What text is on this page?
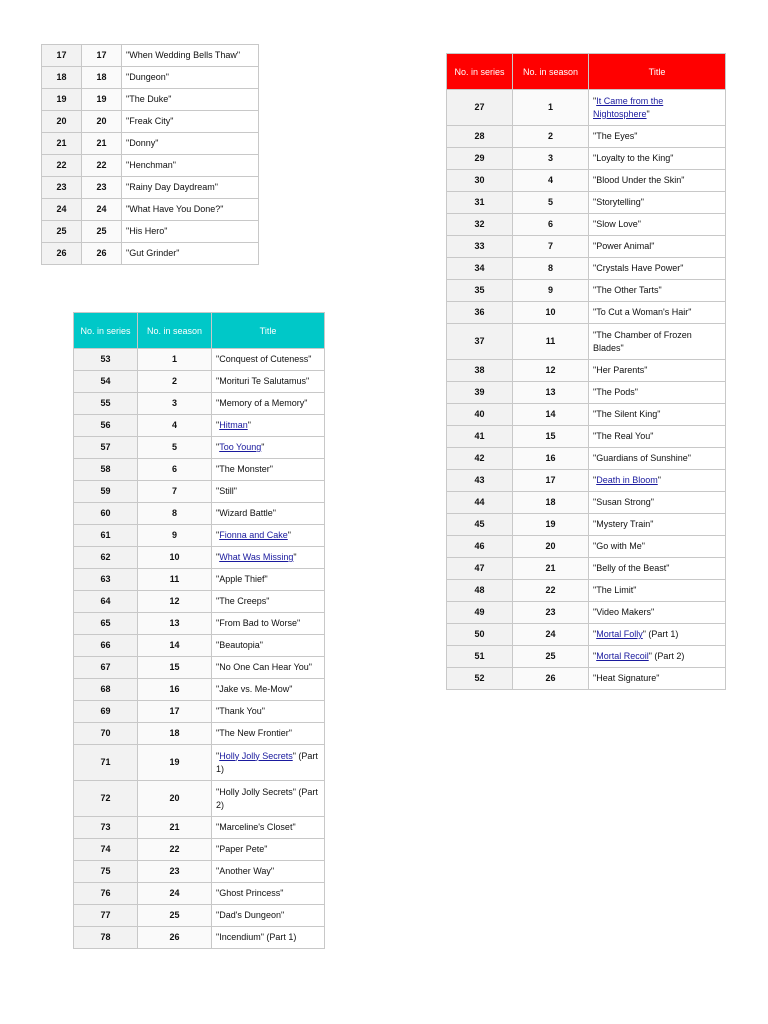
17	17	"When Wedding Bells Thaw"
18	18	"Dungeon"
19	19	"The Duke"
20	20	"Freak City"
21	21	"Donny"
22	22	"Henchman"
23	23	"Rainy Day Daydream"
24	24	"What Have You Done?"
25	25	"His Hero"
26	26	"Gut Grinder"
No. in series	No. in season	Title
53	1	"Conquest of Cuteness"
54	2	"Morituri Te Salutamus"
55	3	"Memory of a Memory"
56	4	"Hitman"
57	5	"Too Young"
58	6	"The Monster"
59	7	"Still"
60	8	"Wizard Battle"
61	9	"Fionna and Cake"
62	10	"What Was Missing"
63	11	"Apple Thief"
64	12	"The Creeps"
65	13	"From Bad to Worse"
66	14	"Beautopia"
67	15	"No One Can Hear You"
68	16	"Jake vs. Me-Mow"
69	17	"Thank You"
70	18	"The New Frontier"
71	19	"Holly Jolly Secrets" (Part 1)
72	20	"Holly Jolly Secrets" (Part 2)
73	21	"Marceline's Closet"
74	22	"Paper Pete"
75	23	"Another Way"
76	24	"Ghost Princess"
77	25	"Dad's Dungeon"
78	26	"Incendium" (Part 1)
No. in series	No. in season	Title
27	1	"It Came from the Nightosphere"
28	2	"The Eyes"
29	3	"Loyalty to the King"
30	4	"Blood Under the Skin"
31	5	"Storytelling"
32	6	"Slow Love"
33	7	"Power Animal"
34	8	"Crystals Have Power"
35	9	"The Other Tarts"
36	10	"To Cut a Woman's Hair"
37	11	"The Chamber of Frozen Blades"
38	12	"Her Parents"
39	13	"The Pods"
40	14	"The Silent King"
41	15	"The Real You"
42	16	"Guardians of Sunshine"
43	17	"Death in Bloom"
44	18	"Susan Strong"
45	19	"Mystery Train"
46	20	"Go with Me"
47	21	"Belly of the Beast"
48	22	"The Limit"
49	23	"Video Makers"
50	24	"Mortal Folly" (Part 1)
51	25	"Mortal Recoil" (Part 2)
52	26	"Heat Signature"
